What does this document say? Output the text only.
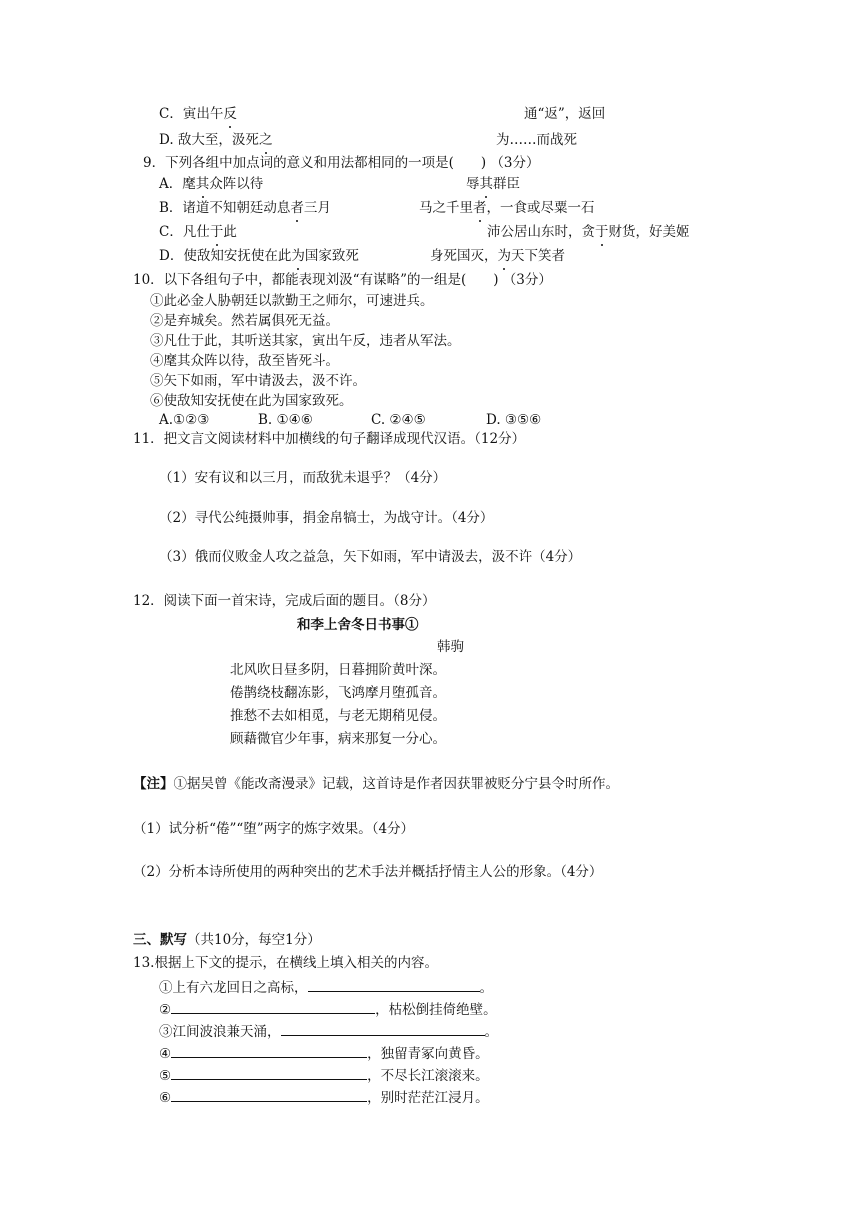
C．寅出午反	通“返”，返回
D. 敌大至，汲死之	为……而战死
9．下列各组中加点词的意义和用法都相同的一项是(　　) （3分）
A．麾其众阵以待	辱其群臣
B．诸道不知朝廷动息者三月	马之千里者，一食或尽粟一石
C．凡仕于此	沛公居山东时，贪于财货，好美姬
D．使敌知安抚使在此为国家致死	身死国灭，为天下笑者
10．以下各组句子中，都能表现刘汲“有谋略”的一组是(　　) （3分）
①此必金人胁朝廷以款勤王之师尔，可速进兵。
②是弃城矣。然若属俱死无益。
③凡仕于此，其听送其家，寅出午反，违者从军法。
④麾其众阵以待，敌至皆死斗。
⑤矢下如雨，军中请汲去，汲不许。
⑥使敌知安抚使在此为国家致死。
A.①②③	B. ①④⑥	C. ②④⑤	D. ③⑤⑥
11．把文言文阅读材料中加横线的句子翻译成现代汉语。（12分）
（1）安有议和以三月，而敌犹未退乎？（4分）
（2）寻代公纯摄帅事，捐金帛犒士，为战守计。（4分）
（3）俄而仪败金人攻之益急，矢下如雨，军中请汲去，汲不许（4分）
12．阅读下面一首宋诗，完成后面的题目。（8分）
和李上舍冬日书事①
韩驹
北风吹日昼多阴，日暮拥阶黄叶深。
倦鹊绕枝翻冻影，飞鸿摩月堕孤音。
推愁不去如相觅，与老无期稍见侵。
顾藉微官少年事，病来那复一分心。
【注】①据吴曾《能改斋漫录》记载，这首诗是作者因获罪被贬分宁县令时所作。
（1）试分析“倦”“堕”两字的炼字效果。（4分）
（2）分析本诗所使用的两种突出的艺术手法并概括抒情主人公的形象。（4分）
三、默写（共10分，每空1分）
13.根据上下文的提示，在横线上填入相关的内容。
①上有六龙回日之高标，	。
②	，枯松倒挂倚绝壁。
③江间波浪兼天涌，	。
④	，独留青冢向黄昏。
⑤	，不尽长江滚滚来。
⑥	，别时茫茫江浸月。
